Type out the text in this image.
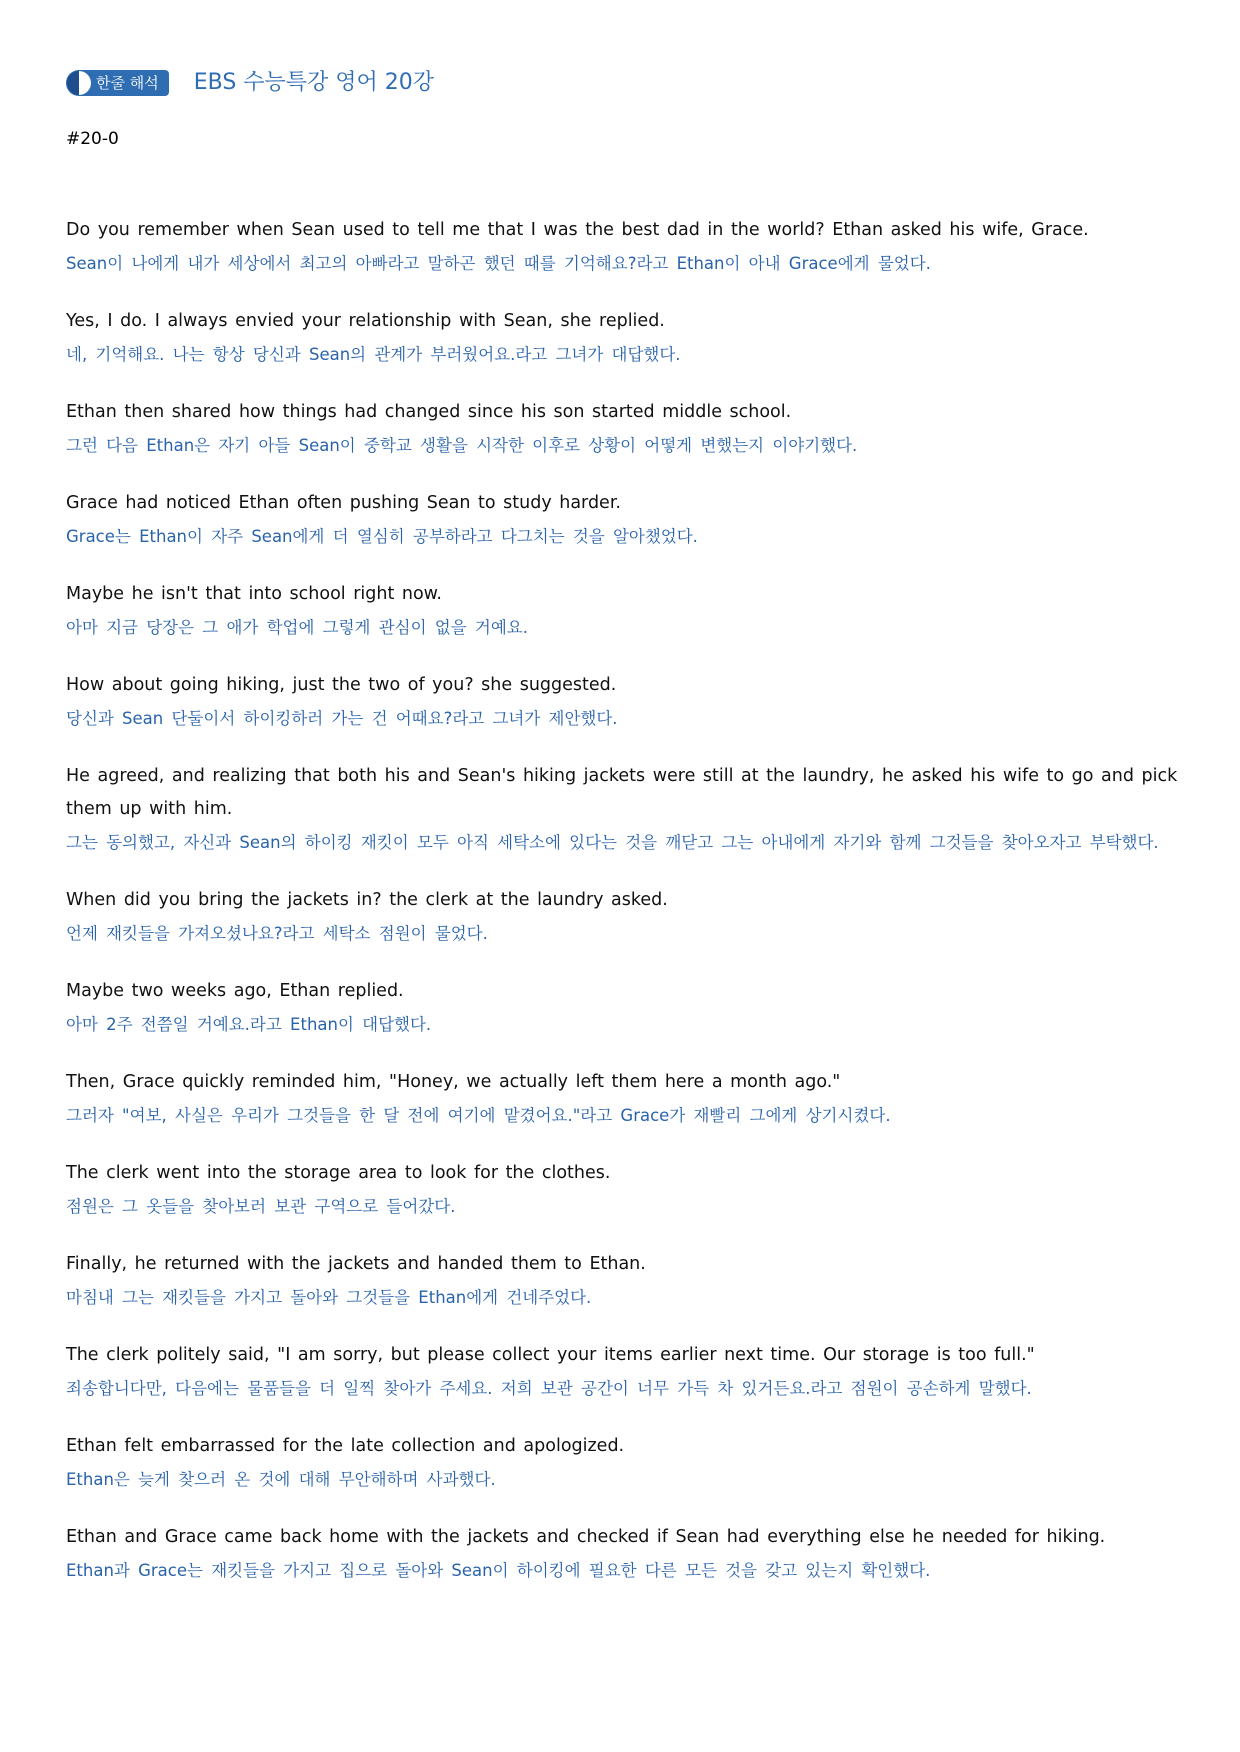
한줄 해석 EBS 수능특강 영어 20강
#20-0

Do you remember when Sean used to tell me that I was the best dad in the world? Ethan asked his wife, Grace.

Sean이 나에게 내가 세상에서 최고의 아빠라고 말하곤 했던 때를 기억해요?라고 Ethan이 아내 Grace에게 물었다.

Yes, I do. I always envied your relationship with Sean, she replied.

네, 기억해요. 나는 항상 당신과 Sean의 관계가 부러웠어요.라고 그녀가 대답했다.

Ethan then shared how things had changed since his son started middle school.

그런 다음 Ethan은 자기 아들 Sean이 중학교 생활을 시작한 이후로 상황이 어떻게 변했는지 이야기했다.

Grace had noticed Ethan often pushing Sean to study harder.

Grace는 Ethan이 자주 Sean에게 더 열심히 공부하라고 다그치는 것을 알아챘었다.

Maybe he isn't that into school right now.

아마 지금 당장은 그 애가 학업에 그렇게 관심이 없을 거예요.

How about going hiking, just the two of you? she suggested.

당신과 Sean 단둘이서 하이킹하러 가는 건 어때요?라고 그녀가 제안했다.

He agreed, and realizing that both his and Sean's hiking jackets were still at the laundry, he asked his wife to go and pick them up with him.

그는 동의했고, 자신과 Sean의 하이킹 재킷이 모두 아직 세탁소에 있다는 것을 깨닫고 그는 아내에게 자기와 함께 그것들을 찾아오자고 부탁했다.

When did you bring the jackets in? the clerk at the laundry asked.

언제 재킷들을 가져오셨나요?라고 세탁소 점원이 물었다.

Maybe two weeks ago, Ethan replied.

아마 2주 전쯤일 거예요.라고 Ethan이 대답했다.

Then, Grace quickly reminded him, "Honey, we actually left them here a month ago."

그러자 "여보, 사실은 우리가 그것들을 한 달 전에 여기에 맡겼어요."라고 Grace가 재빨리 그에게 상기시켰다.

The clerk went into the storage area to look for the clothes.

점원은 그 옷들을 찾아보러 보관 구역으로 들어갔다.

Finally, he returned with the jackets and handed them to Ethan.

마침내 그는 재킷들을 가지고 돌아와 그것들을 Ethan에게 건네주었다.

The clerk politely said, "I am sorry, but please collect your items earlier next time. Our storage is too full."

죄송합니다만, 다음에는 물품들을 더 일찍 찾아가 주세요. 저희 보관 공간이 너무 가득 차 있거든요.라고 점원이 공손하게 말했다.

Ethan felt embarrassed for the late collection and apologized.

Ethan은 늦게 찾으러 온 것에 대해 무안해하며 사과했다.

Ethan and Grace came back home with the jackets and checked if Sean had everything else he needed for hiking.

Ethan과 Grace는 재킷들을 가지고 집으로 돌아와 Sean이 하이킹에 필요한 다른 모든 것을 갖고 있는지 확인했다.
